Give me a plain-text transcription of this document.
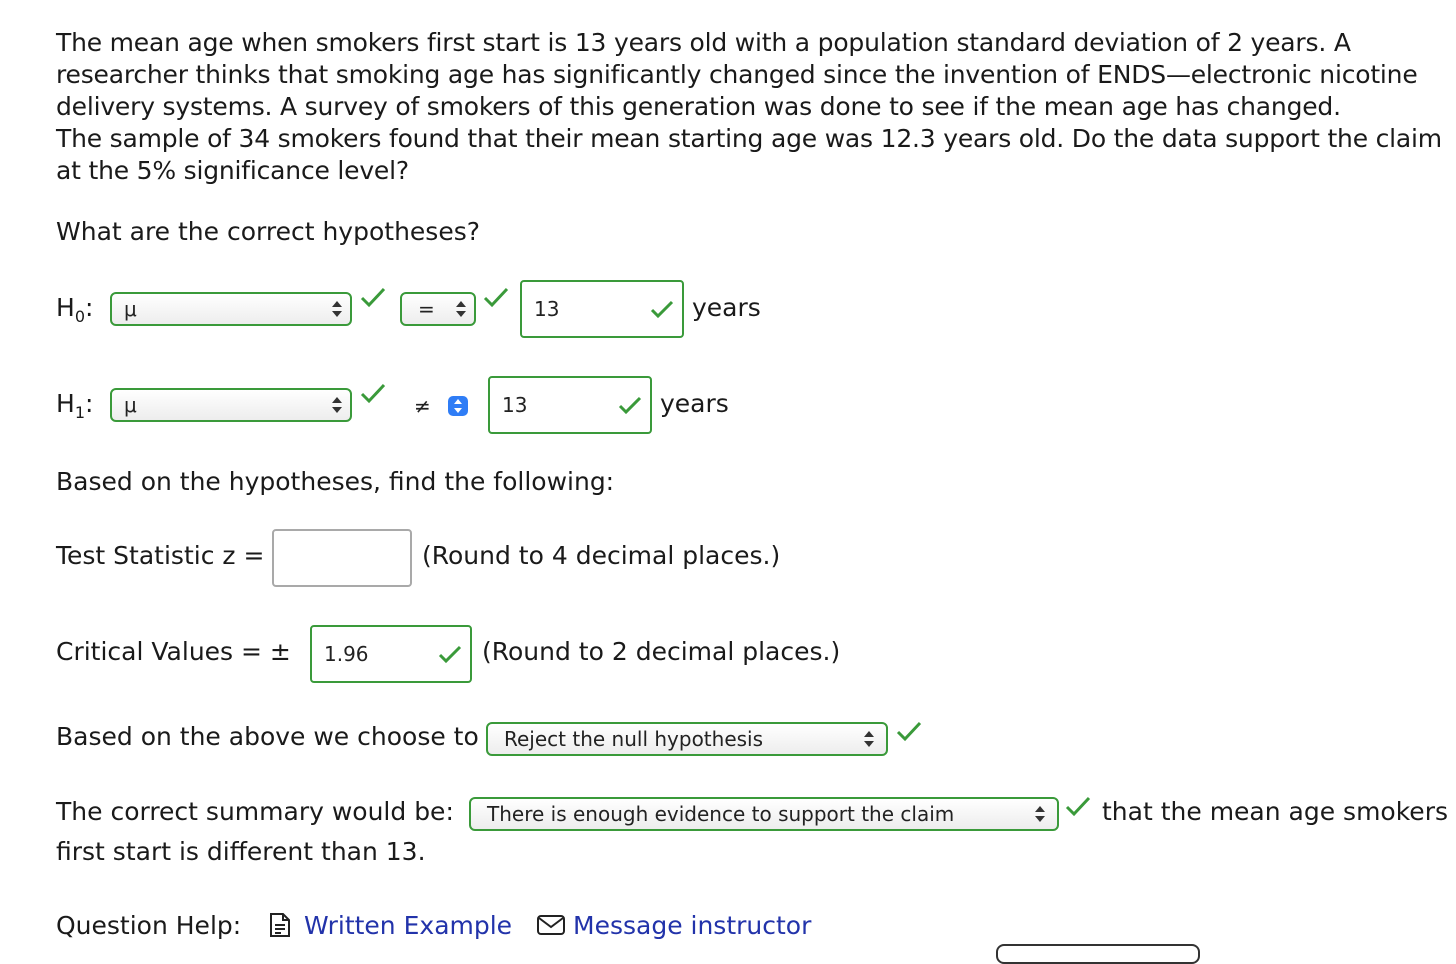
The mean age when smokers first start is 13 years old with a population standard deviation of 2 years. A researcher thinks that smoking age has significantly changed since the invention of ENDS—electronic nicotine delivery systems. A survey of smokers of this generation was done to see if the mean age has changed.

The sample of 34 smokers found that their mean starting age was 12.3 years old. Do the data support the claim at the 5% significance level?

What are the correct hypotheses?
$H_0$: μ	=	13	years
$H_1$: μ	≠	13	years
Based on the hypotheses, find the following:
Test Statistic z =	(Round to 4 decimal places.)
Critical Values = ± 1.96	(Round to 2 decimal places.)
Based on the above we choose to Reject the null hypothesis
The correct summary would be: There is enough evidence to support the claim	that the mean age smokers
first start is different than 13.
Question Help:	Written Example Message instructor
